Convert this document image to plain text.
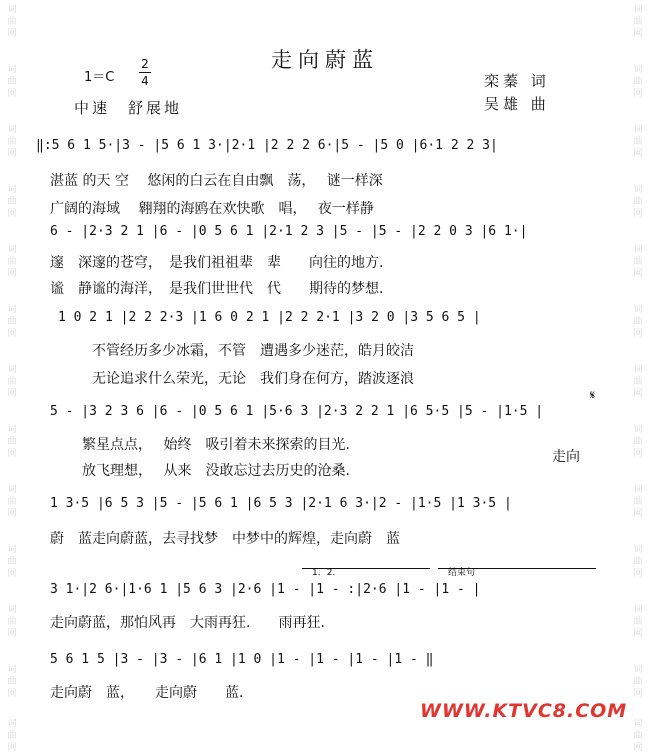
词
曲
网
词
曲
网
词
曲
网
词
曲
网
词
曲
网
词
曲
网
词
曲
网
词
曲
网
词
曲
网
词
曲
网
词
曲
网
词
曲
网
词
曲
网
词
曲
网
词
曲
网
词
曲
网
词
曲
网
词
曲
网
词
曲
网
词
曲
网
词
曲
网
词
曲
网
词
曲
网
词
曲
网
词
曲
网
词
曲
网
走向蔚蓝
1＝C
2
4
中速　舒展地
栾蓁 词
吴雄 曲
‖:5 6 1 5·|3 - |5 6 1 3·|2·1 |2 2 2 6·|5 - |5 0 |6·1 2 2 3|
湛蓝 的天 空　 悠闲的白云在自由飘　荡，　 谜一样深
广阔的海域　 翱翔的海鸥在欢快歌　唱，　 夜一样静
6 - |2·3 2 1 |6 - |0 5 6 1 |2·1 2 3 |5 - |5 - |2 2 0 3 |6 1·|
邃　深邃的苍穹，　是我们祖祖辈　辈　　向往的地方.
谧　静谧的海洋，　是我们世世代　代　　期待的梦想.
1 0 2 1 |2 2 2·3 |1 6 0 2 1 |2 2 2·1 |3 2 0 |3 5 6 5 |
不管经历多少冰霜，不管　遭遇多少迷茫，皓月皎洁
无论追求什么荣光，无论　我们身在何方，踏波逐浪
5 - |3 2 3 6 |6 - |0 5 6 1 |5·6 3 |2·3 2 2 1 |6 5·5 |5 - |1·5 |
𝄋
繁星点点，　 始终　吸引着未来探索的目光.
放飞理想，　 从来　没敢忘过去历史的沧桑.
走向
1 3·5 |6 5 3 |5 - |5 6 1 |6 5 3 |2·1 6 3·|2 - |1·5 |1 3·5 |
蔚　蓝走向蔚蓝，去寻找梦　中梦中的辉煌，走向蔚　蓝
1．2．	结束句
3 1·|2 6·|1·6 1 |5 6 3 |2·6 |1 - |1 - :|2·6 |1 - |1 - |
走向蔚蓝，那怕风再　大雨再狂.　　雨再狂.
5 6 1 5 |3 - |3 - |6 1 |1 0 |1 - |1 - |1 - |1 - ‖
走向蔚　蓝，　　走向蔚　　蓝.
WWW.KTVC8.COM
